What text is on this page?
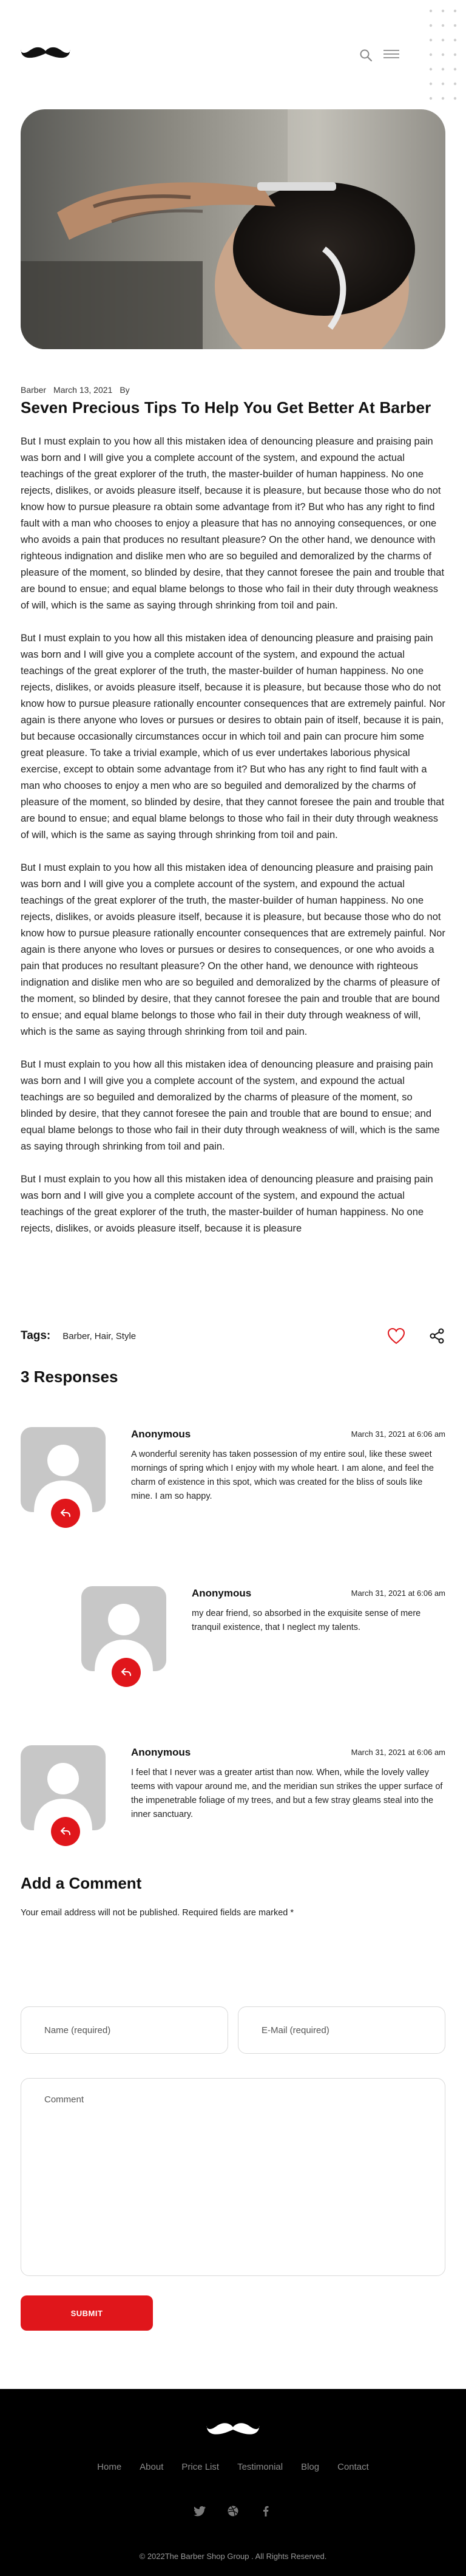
Barber March 13, 2021 By
Seven Precious Tips To Help You Get Better At Barber

But I must explain to you how all this mistaken idea of denouncing pleasure and praising pain was born and I will give you a complete account of the system, and expound the actual teachings of the great explorer of the truth, the master-builder of human happiness. No one rejects, dislikes, or avoids pleasure itself, because it is pleasure, but because those who do not know how to pursue pleasure ra obtain some advantage from it? But who has any right to find fault with a man who chooses to enjoy a pleasure that has no annoying consequences, or one who avoids a pain that produces no resultant pleasure? On the other hand, we denounce with righteous indignation and dislike men who are so beguiled and demoralized by the charms of pleasure of the moment, so blinded by desire, that they cannot foresee the pain and trouble that are bound to ensue; and equal blame belongs to those who fail in their duty through weakness of will, which is the same as saying through shrinking from toil and pain.

But I must explain to you how all this mistaken idea of denouncing pleasure and praising pain was born and I will give you a complete account of the system, and expound the actual teachings of the great explorer of the truth, the master-builder of human happiness. No one rejects, dislikes, or avoids pleasure itself, because it is pleasure, but because those who do not know how to pursue pleasure rationally encounter consequences that are extremely painful. Nor again is there anyone who loves or pursues or desires to obtain pain of itself, because it is pain, but because occasionally circumstances occur in which toil and pain can procure him some great pleasure. To take a trivial example, which of us ever undertakes laborious physical exercise, except to obtain some advantage from it? But who has any right to find fault with a man who chooses to enjoy a men who are so beguiled and demoralized by the charms of pleasure of the moment, so blinded by desire, that they cannot foresee the pain and trouble that are bound to ensue; and equal blame belongs to those who fail in their duty through weakness of will, which is the same as saying through shrinking from toil and pain.

But I must explain to you how all this mistaken idea of denouncing pleasure and praising pain was born and I will give you a complete account of the system, and expound the actual teachings of the great explorer of the truth, the master-builder of human happiness. No one rejects, dislikes, or avoids pleasure itself, because it is pleasure, but because those who do not know how to pursue pleasure rationally encounter consequences that are extremely painful. Nor again is there anyone who loves or pursues or desires to consequences, or one who avoids a pain that produces no resultant pleasure? On the other hand, we denounce with righteous indignation and dislike men who are so beguiled and demoralized by the charms of pleasure of the moment, so blinded by desire, that they cannot foresee the pain and trouble that are bound to ensue; and equal blame belongs to those who fail in their duty through weakness of will, which is the same as saying through shrinking from toil and pain.

But I must explain to you how all this mistaken idea of denouncing pleasure and praising pain was born and I will give you a complete account of the system, and expound the actual teachings are so beguiled and demoralized by the charms of pleasure of the moment, so blinded by desire, that they cannot foresee the pain and trouble that are bound to ensue; and equal blame belongs to those who fail in their duty through weakness of will, which is the same as saying through shrinking from toil and pain.

But I must explain to you how all this mistaken idea of denouncing pleasure and praising pain was born and I will give you a complete account of the system, and expound the actual teachings of the great explorer of the truth, the master-builder of human happiness. No one rejects, dislikes, or avoids pleasure itself, because it is pleasure

Tags: Barber, Hair, Style
3 Responses
Anonymous	March 31, 2021 at 6:06 am
A wonderful serenity has taken possession of my entire soul, like these sweet mornings of spring which I enjoy with my whole heart. I am alone, and feel the charm of existence in this spot, which was created for the bliss of souls like mine. I am so happy.
Anonymous	March 31, 2021 at 6:06 am
my dear friend, so absorbed in the exquisite sense of mere tranquil existence, that I neglect my talents.
Anonymous	March 31, 2021 at 6:06 am
I feel that I never was a greater artist than now. When, while the lovely valley teems with vapour around me, and the meridian sun strikes the upper surface of the impenetrable foliage of my trees, and but a few stray gleams steal into the inner sanctuary.
Add a Comment
Your email address will not be published. Required fields are marked *
Name (required)
E-Mail (required)
Comment
SUBMIT
Home About Price List Testimonial Blog Contact
© 2022The Barber Shop Group . All Rights Reserved.
